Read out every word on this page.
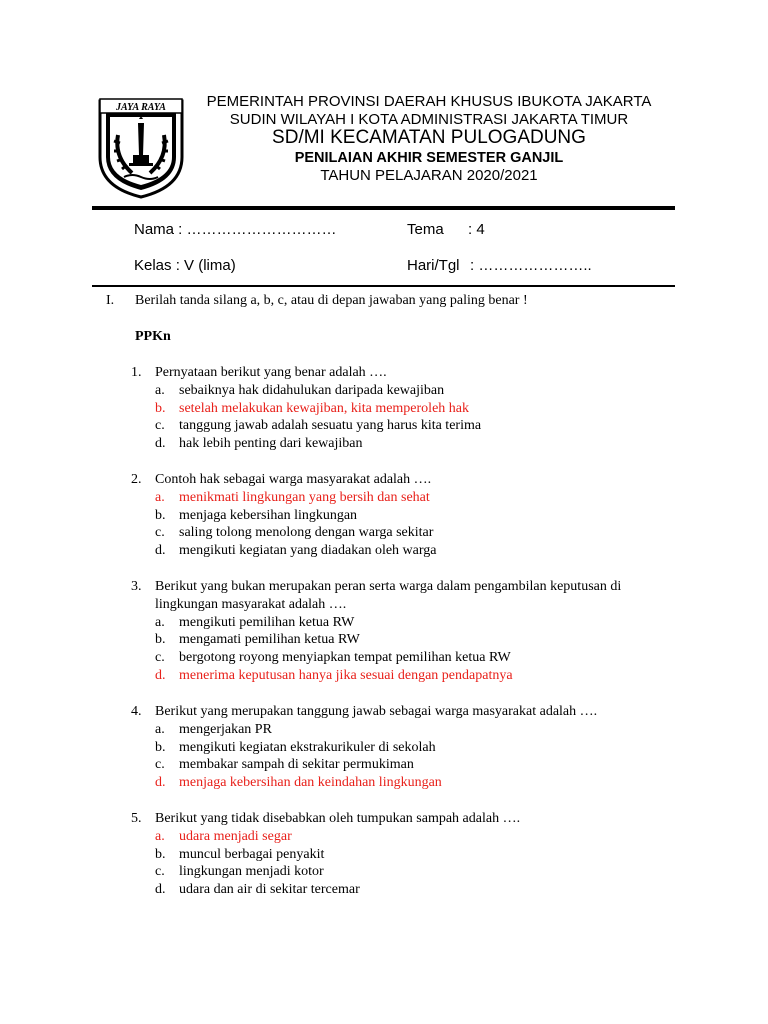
JAYA RAYA	PEMERINTAH PROVINSI DAERAH KHUSUS IBUKOTA JAKARTA
SUDIN WILAYAH I KOTA ADMINISTRASI JAKARTA TIMUR
SD/MI KECAMATAN PULOGADUNG
PENILAIAN AKHIR SEMESTER GANJIL
TAHUN PELAJARAN 2020/2021
Nama : …………………………	Tema : 4
Kelas : V (lima)	Hari/Tgl : …………………..
I. Berilah tanda silang a, b, c, atau di depan jawaban yang paling benar !
PPKn
1. Pernyataan berikut yang benar adalah ….
a.	sebaiknya hak didahulukan daripada kewajiban
b. setelah melakukan kewajiban, kita memperoleh hak
c.	tanggung jawab adalah sesuatu yang harus kita terima
d. hak lebih penting dari kewajiban
2. Contoh hak sebagai warga masyarakat adalah ….
a.	menikmati lingkungan yang bersih dan sehat
b. menjaga kebersihan lingkungan
c.	saling tolong menolong dengan warga sekitar
d. mengikuti kegiatan yang diadakan oleh warga
3. Berikut yang bukan merupakan peran serta warga dalam pengambilan keputusan di lingkungan masyarakat adalah ….
a.	mengikuti pemilihan ketua RW
b. mengamati pemilihan ketua RW
c.	bergotong royong menyiapkan tempat pemilihan ketua RW
d. menerima keputusan hanya jika sesuai dengan pendapatnya
4. Berikut yang merupakan tanggung jawab sebagai warga masyarakat adalah ….
a.	mengerjakan PR
b. mengikuti kegiatan ekstrakurikuler di sekolah
c.	membakar sampah di sekitar permukiman
d. menjaga kebersihan dan keindahan lingkungan
5. Berikut yang tidak disebabkan oleh tumpukan sampah adalah ….
a.	udara menjadi segar
b. muncul berbagai penyakit
c.	lingkungan menjadi kotor
d. udara dan air di sekitar tercemar
